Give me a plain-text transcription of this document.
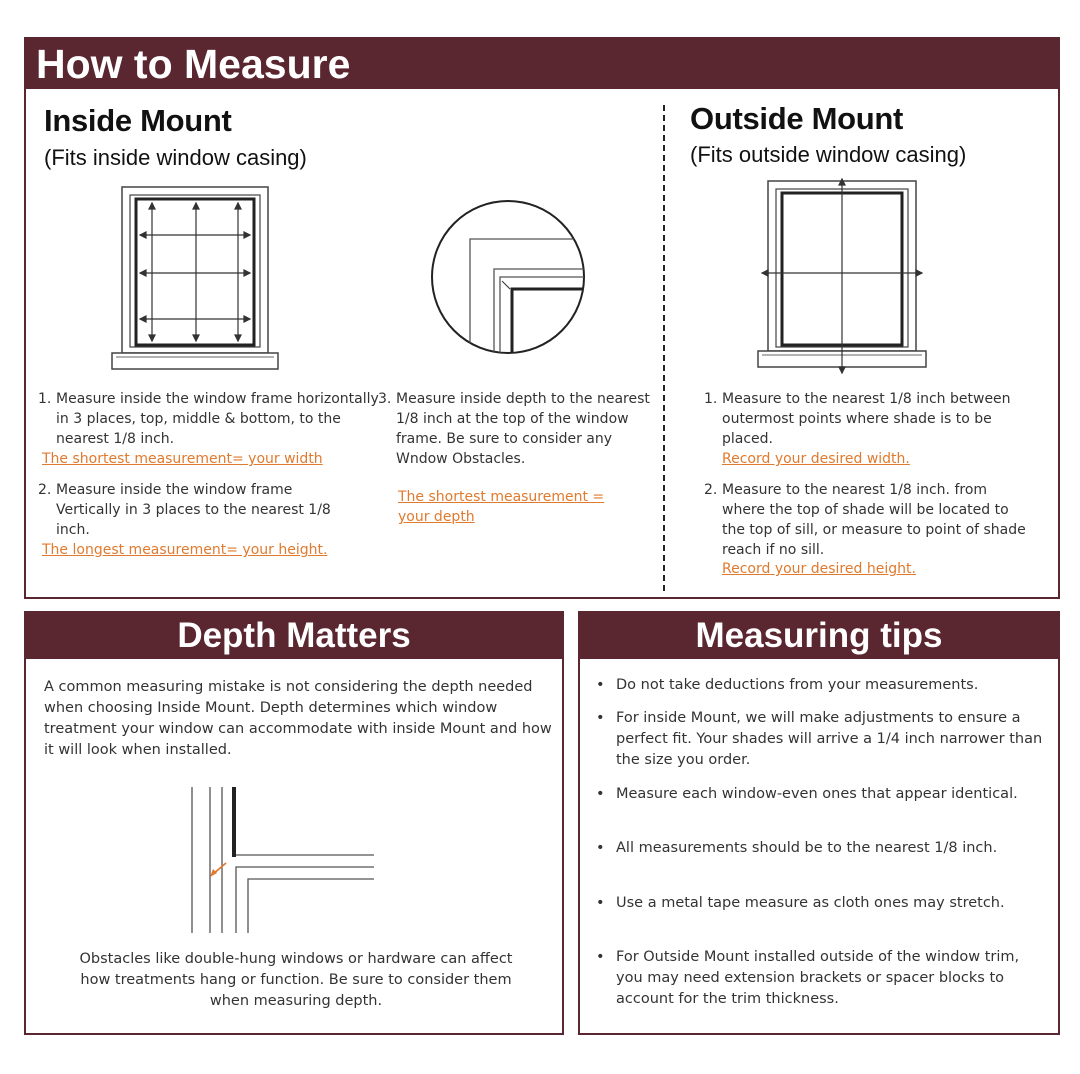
How to Measure
Inside Mount
(Fits inside window casing)
Outside Mount
(Fits outside window casing)
1. Measure inside the window frame horizontally in 3 places, top, middle & bottom, to the nearest 1/8 inch.
The shortest measurement= your width
2. Measure inside the window frame Vertically in 3 places to the nearest 1/8 inch.
The longest measurement= your height.
3. Measure inside depth to the nearest 1/8 inch at the top of the window frame. Be sure to consider any Wndow Obstacles.
The shortest measurement = your depth
1. Measure to the nearest 1/8 inch between outermost points where shade is to be placed.
Record your desired width.
2. Measure to the nearest 1/8 inch. from where the top of shade will be located to the top of sill, or measure to point of shade reach if no sill.
Record your desired height.
Depth Matters
A common measuring mistake is not considering the depth needed when choosing Inside Mount. Depth determines which window treatment your window can accommodate with inside Mount and how it will look when installed.
Obstacles like double-hung windows or hardware can affect how treatments hang or function. Be sure to consider them when measuring depth.
Measuring tips
• Do not take deductions from your measurements.
• For inside Mount, we will make adjustments to ensure a perfect fit. Your shades will arrive a 1/4 inch narrower than the size you order.
• Measure each window-even ones that appear identical.
• All measurements should be to the nearest 1/8 inch.
• Use a metal tape measure as cloth ones may stretch.
• For Outside Mount installed outside of the window trim, you may need extension brackets or spacer blocks to account for the trim thickness.
